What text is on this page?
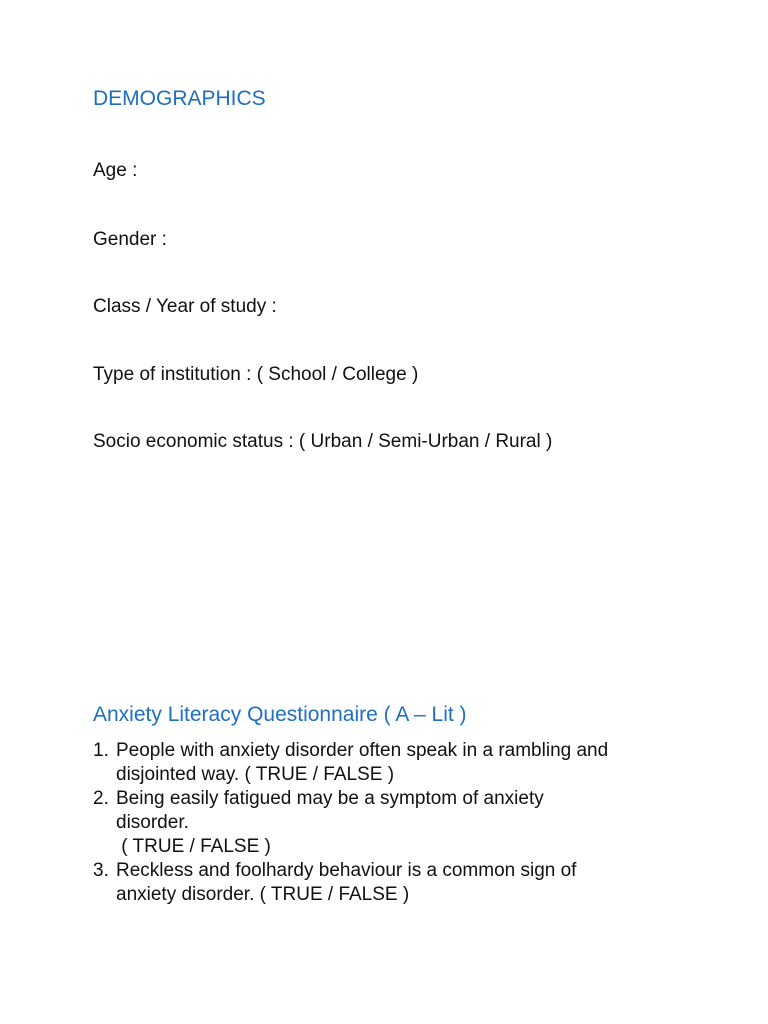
DEMOGRAPHICS

Age :

Gender :

Class / Year of study :

Type of institution : ( School / College )

Socio economic status : ( Urban / Semi-Urban / Rural )

Anxiety Literacy Questionnaire ( A – Lit )
1. People with anxiety disorder often speak in a rambling and
disjointed way. ( TRUE / FALSE )
2. Being easily fatigued may be a symptom of anxiety
disorder.
( TRUE / FALSE )
3. Reckless and foolhardy behaviour is a common sign of
anxiety disorder. ( TRUE / FALSE )
